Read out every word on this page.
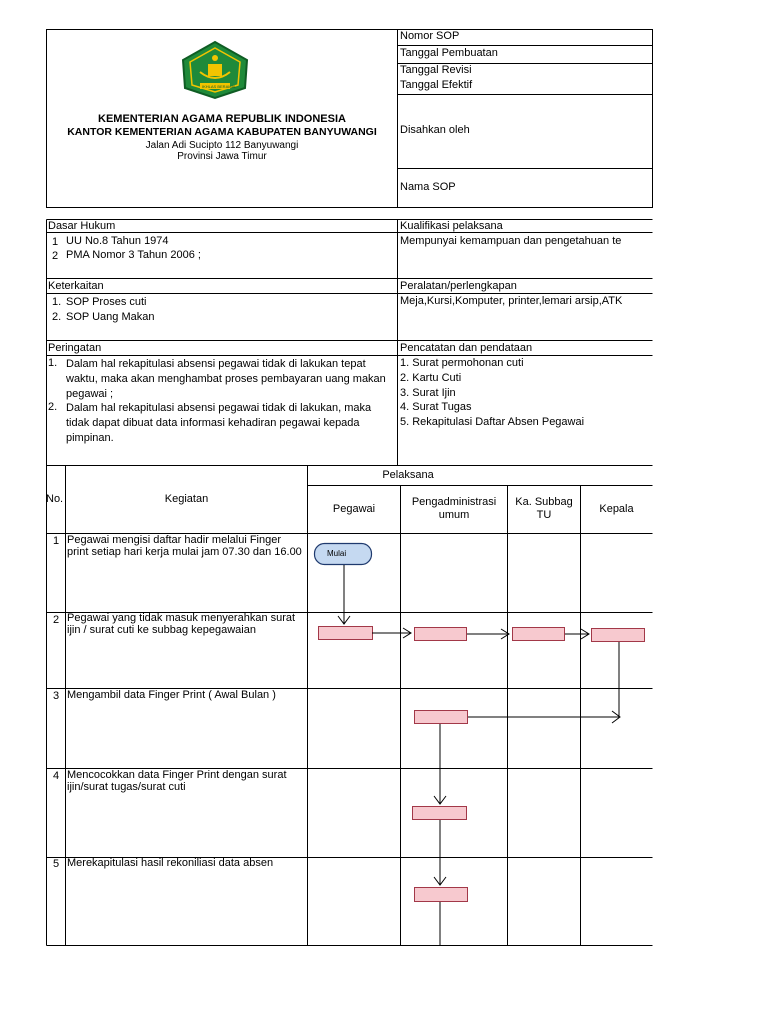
IKHLAS BERAMAL
KEMENTERIAN AGAMA REPUBLIK INDONESIA
KANTOR KEMENTERIAN AGAMA KABUPATEN BANYUWANGI
Jalan Adi Sucipto 112 Banyuwangi
Provinsi Jawa Timur
Nomor SOP
Tanggal Pembuatan
Tanggal Revisi
Tanggal Efektif
Disahkan oleh
Nama SOP
Dasar Hukum
1 UU No.8 Tahun 1974
2 PMA Nomor 3 Tahun 2006 ;
Kualifikasi pelaksana
Mempunyai kemampuan dan pengetahuan te
Keterkaitan
1. SOP Proses cuti
2. SOP Uang Makan
Peralatan/perlengkapan
Meja,Kursi,Komputer, printer,lemari arsip,ATK
Peringatan
1. Dalam hal rekapitulasi absensi pegawai tidak di lakukan tepat waktu, maka akan menghambat proses pembayaran uang makan pegawai ;
2. Dalam hal rekapitulasi absensi pegawai tidak di lakukan, maka tidak dapat dibuat data informasi kehadiran pegawai kepada pimpinan.
Pencatatan dan pendataan
1. Surat permohonan cuti
2. Kartu Cuti
3. Surat Ijin
4. Surat Tugas
5. Rekapitulasi Daftar Absen Pegawai
No.	Kegiatan
Pelaksana
Pegawai
Pengadministrasi umum
Ka. Subbag TU	Kepala
Mulai
1 Pegawai mengisi daftar hadir melalui Finger print setiap hari kerja mulai jam 07.30 dan 16.00
2 Pegawai yang tidak masuk menyerahkan surat ijin / surat cuti ke subbag kepegawaian
3 Mengambil data Finger Print ( Awal Bulan )
4 Mencocokkan data Finger Print dengan surat ijin/surat tugas/surat cuti
5 Merekapitulasi hasil rekoniliasi data absen
